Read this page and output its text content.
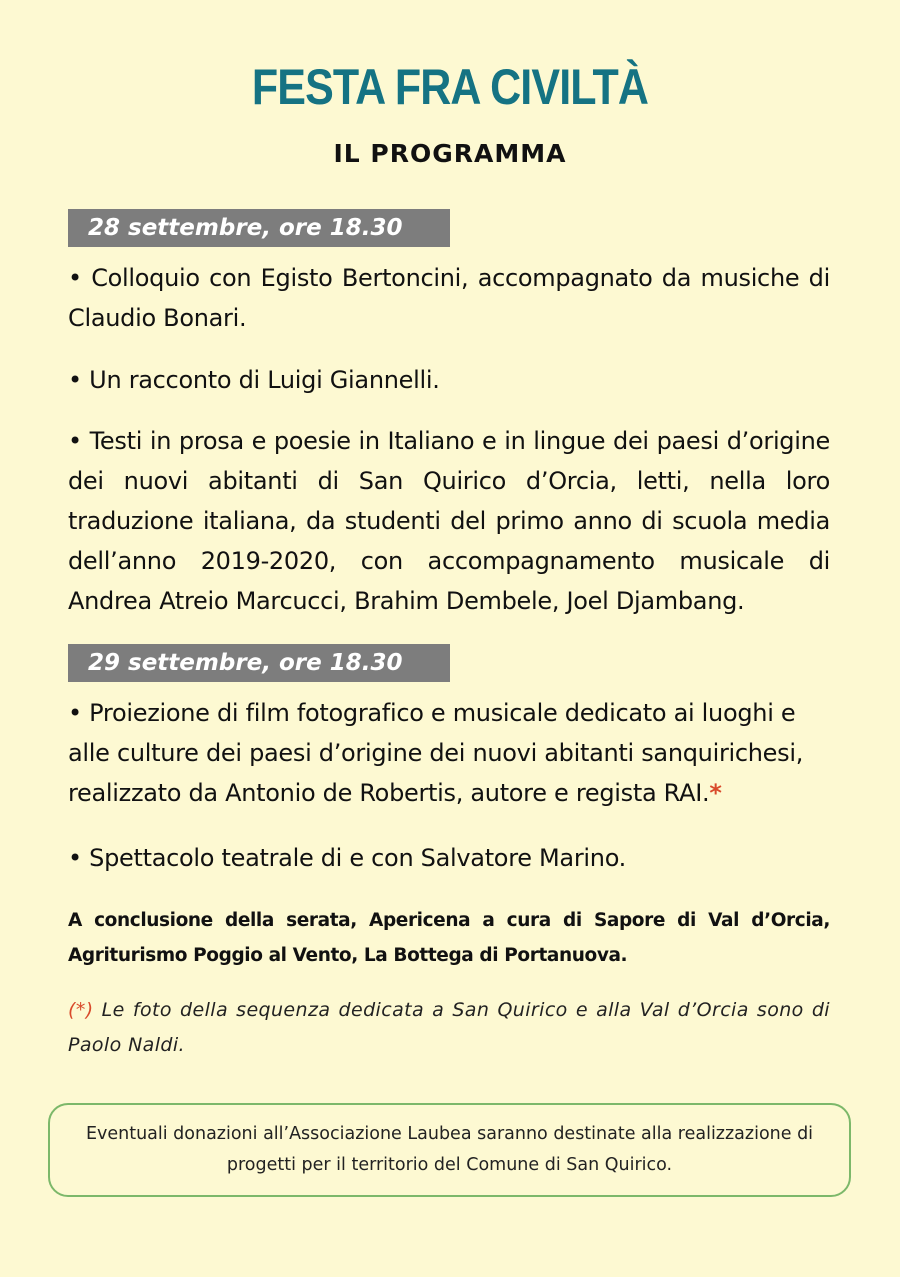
FESTA FRA CIVILTÀ
IL PROGRAMMA
28 settembre, ore 18.30

• Colloquio con Egisto Bertoncini, accompagnato da musiche di Claudio Bonari.

• Un racconto di Luigi Giannelli.

• Testi in prosa e poesie in Italiano e in lingue dei paesi d’origine dei nuovi abitanti di San Quirico d’Orcia, letti, nella loro traduzione italiana, da studenti del primo anno di scuola media dell’anno 2019-2020, con accompagnamento musicale di Andrea Atreio Marcucci, Brahim Dembele, Joel Djambang.

29 settembre, ore 18.30

• Proiezione di film fotografico e musicale dedicato ai luoghi e alle culture dei paesi d’origine dei nuovi abitanti sanquirichesi, realizzato da Antonio de Robertis, autore e regista RAI.*

• Spettacolo teatrale di e con Salvatore Marino.

A conclusione della serata, Apericena a cura di Sapore di Val d’Orcia, Agriturismo Poggio al Vento, La Bottega di Portanuova.

(*) Le foto della sequenza dedicata a San Quirico e alla Val d’Orcia sono di Paolo Naldi.

Eventuali donazioni all’Associazione Laubea saranno destinate alla realizzazione di progetti per il territorio del Comune di San Quirico.
